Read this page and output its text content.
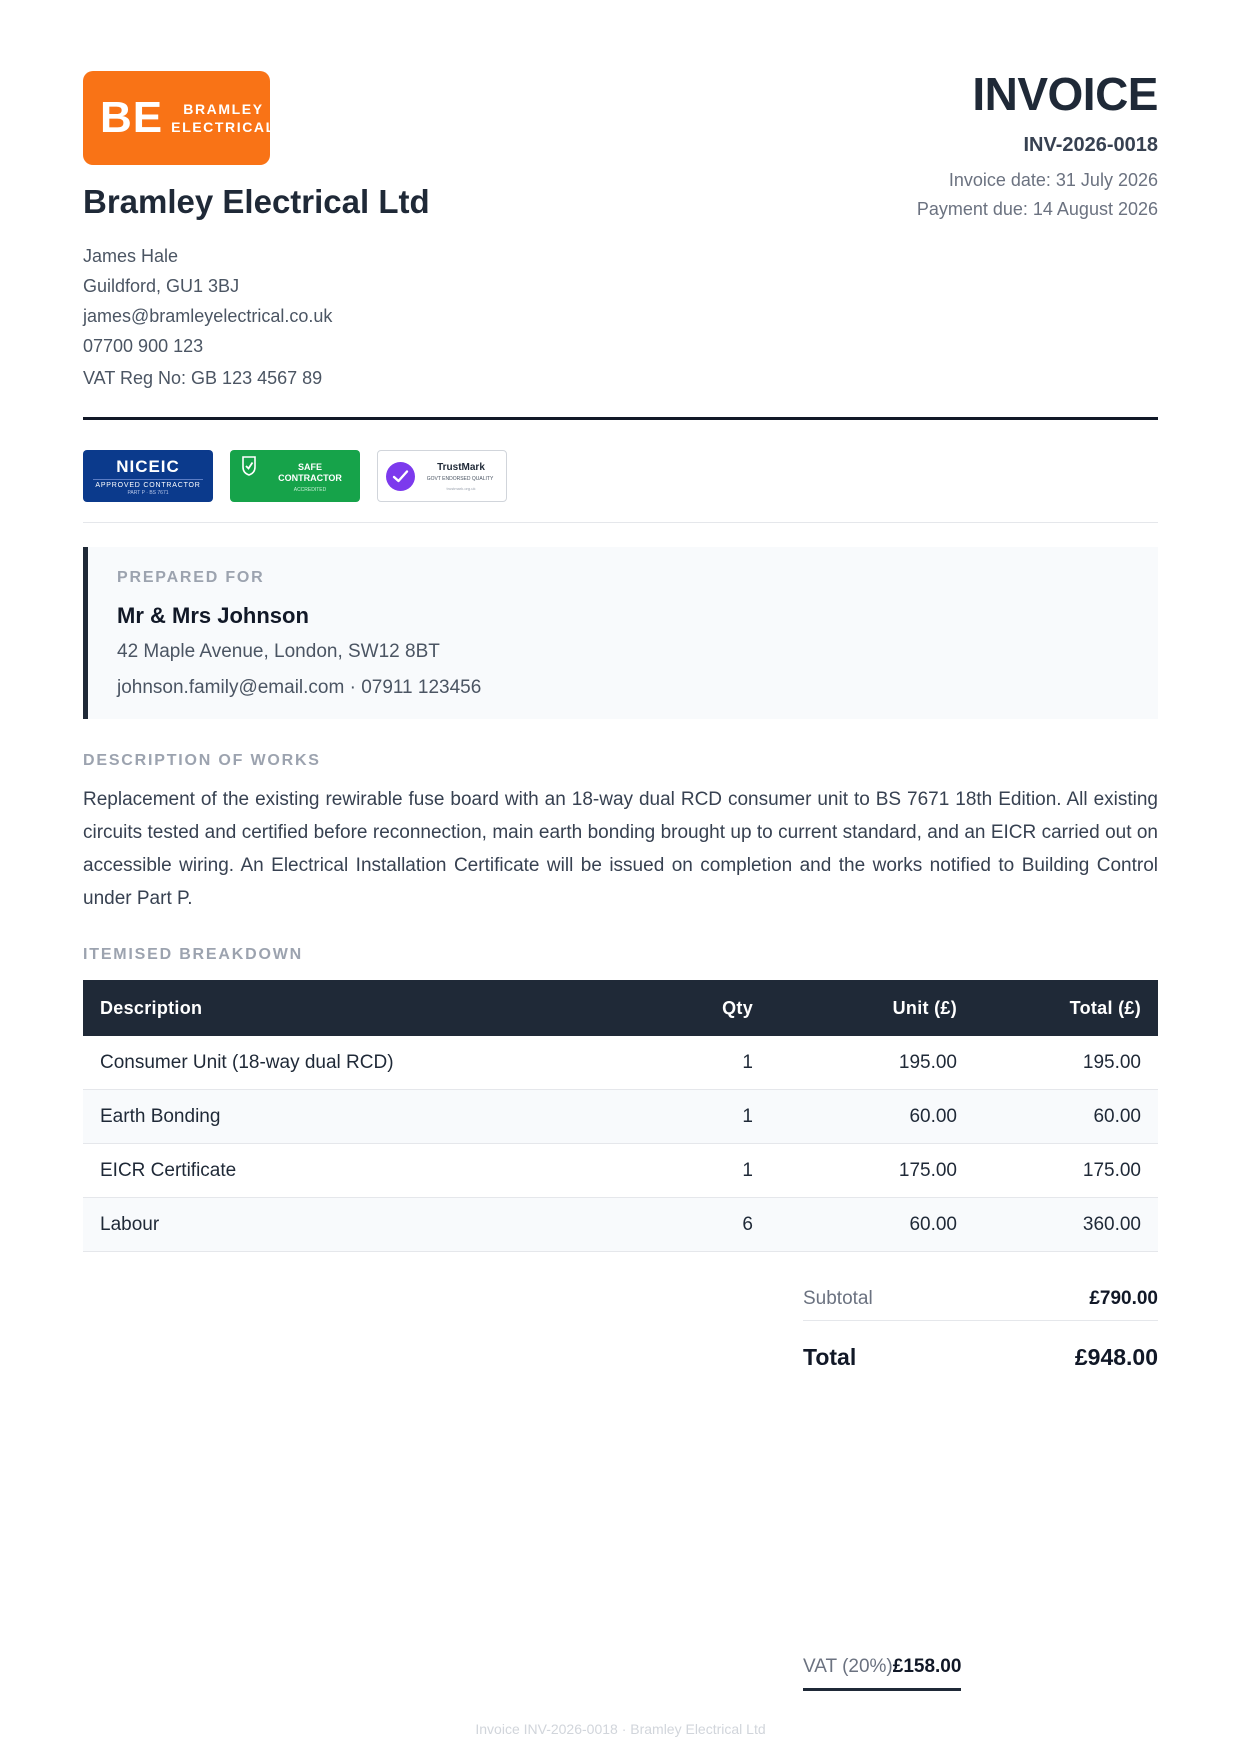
BE	BRAMLEY
ELECTRICAL
Bramley Electrical Ltd
James Hale
Guildford, GU1 3BJ
james@bramleyelectrical.co.uk
07700 900 123
VAT Reg No: GB 123 4567 89
INVOICE
INV-2026-0018
Invoice date: 31 July 2026
Payment due: 14 August 2026
NICEIC
APPROVED CONTRACTOR
PART P · BS 7671
SAFE
CONTRACTOR
ACCREDITED
TrustMark
GOVT ENDORSED QUALITY
trustmark.org.uk
PREPARED FOR
Mr & Mrs Johnson
42 Maple Avenue, London, SW12 8BT
johnson.family@email.com · 07911 123456
DESCRIPTION OF WORKS
Replacement of the existing rewirable fuse board with an 18-way dual RCD consumer unit to BS 7671 18th Edition. All existing circuits tested and certified before reconnection, main earth bonding brought up to current standard, and an EICR carried out on accessible wiring. An Electrical Installation Certificate will be issued on completion and the works notified to Building Control under Part P.
ITEMISED BREAKDOWN
Description	Qty	Unit (£)	Total (£)
Consumer Unit (18-way dual RCD)	1	195.00	195.00
Earth Bonding	1	60.00	60.00
EICR Certificate	1	175.00	175.00
Labour	6	60.00	360.00
Subtotal	£790.00
VAT (20%) £158.00
Total	£948.00
Invoice INV-2026-0018 · Bramley Electrical Ltd
